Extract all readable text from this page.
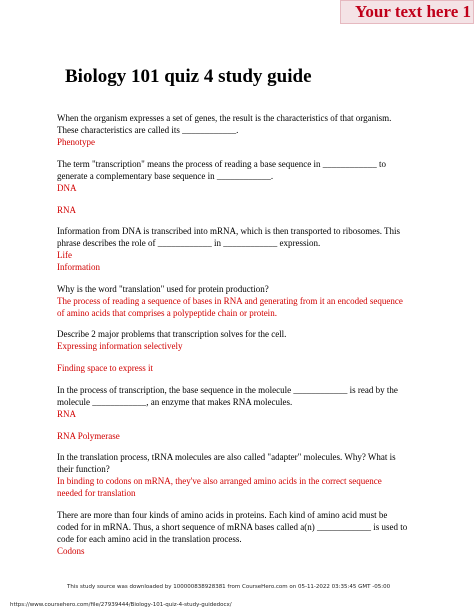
Your text here 1
Biology 101 quiz 4 study guide
When the organism expresses a set of genes, the result is the characteristics of that organism.
These characteristics are called its ____________.
Phenotype
The term "transcription" means the process of reading a base sequence in ____________ to
generate a complementary base sequence in ____________.
DNA
RNA
Information from DNA is transcribed into mRNA, which is then transported to ribosomes. This
phrase describes the role of ____________ in ____________ expression.
Life
Information
Why is the word "translation" used for protein production?
The process of reading a sequence of bases in RNA and generating from it an encoded sequence
of amino acids that comprises a polypeptide chain or protein.
Describe 2 major problems that transcription solves for the cell.
Expressing information selectively
Finding space to express it
In the process of transcription, the base sequence in the molecule ____________ is read by the
molecule ____________, an enzyme that makes RNA molecules.
RNA
RNA Polymerase
In the translation process, tRNA molecules are also called "adapter" molecules. Why? What is
their function?
In binding to codons on mRNA, they've also arranged amino acids in the correct sequence
needed for translation
There are more than four kinds of amino acids in proteins. Each kind of amino acid must be
coded for in mRNA. Thus, a short sequence of mRNA bases called a(n) ____________ is used to
code for each amino acid in the translation process.
Codons
This study source was downloaded by 100000838928381 from CourseHero.com on 05-11-2022 03:35:45 GMT -05:00
https://www.coursehero.com/file/27939444/Biology-101-quiz-4-study-guidedocx/
